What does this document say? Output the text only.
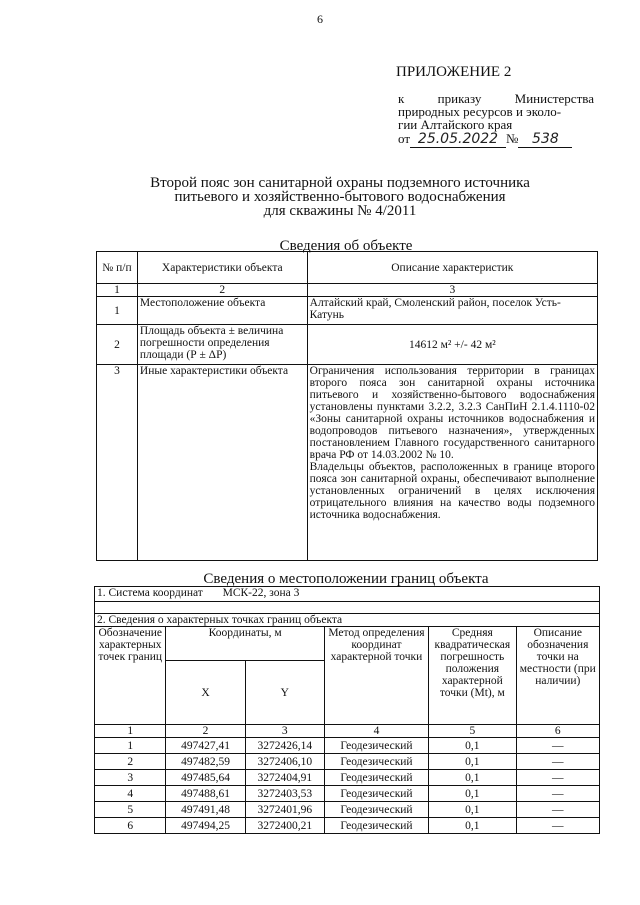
6
ПРИЛОЖЕНИЕ 2
к приказу Министерства
природных ресурсов и эколо-
гии Алтайского края
от 25.05.2022 № 538
Второй пояс зон санитарной охраны подземного источника
питьевого и хозяйственно-бытового водоснабжения
для скважины № 4/2011
Сведения об объекте
№ п/п	Характеристики объекта	Описание характеристик
1	2	3
1	Местоположение объекта	Алтайский край, Смоленский район, поселок Усть-Катунь
2	Площадь объекта ± величина погрешности определения площади (Р ± ΔР)	14612 м² +/- 42 м²
3	Иные характеристики объекта	Ограничения использования территории в границах второго пояса зон санитарной охраны источника питьевого и хозяйственно-бытового водоснабжения установлены пунктами 3.2.2, 3.2.3 СанПиН 2.1.4.1110-02 «Зоны санитарной охраны источников водоснабжения и водопроводов питьевого назначения», утвержденных постановлением Главного государственного санитарного врача РФ от 14.03.2002 № 10.
Владельцы объектов, расположенных в границе второго пояса зон санитарной охраны, обеспечивают выполнение установленных ограничений в целях исключения отрицательного влияния на качество воды подземного источника водоснабжения.
Сведения о местоположении границ объекта
1. Система координат МСК-22, зона 3					

2. Сведения о характерных точках границ объекта					
Обозначение характерных точек границ	Координаты, м		Метод определения координат характерной точки	Средняя квадратическая погрешность положения характерной точки (Mt), м	Описание обозначения точки на местности (при наличии)
	X	Y			
1	2	3	4	5	6
1	497427,41	3272426,14	Геодезический	0,1	—
2	497482,59	3272406,10	Геодезический	0,1	—
3	497485,64	3272404,91	Геодезический	0,1	—
4	497488,61	3272403,53	Геодезический	0,1	—
5	497491,48	3272401,96	Геодезический	0,1	—
6	497494,25	3272400,21	Геодезический	0,1	—
